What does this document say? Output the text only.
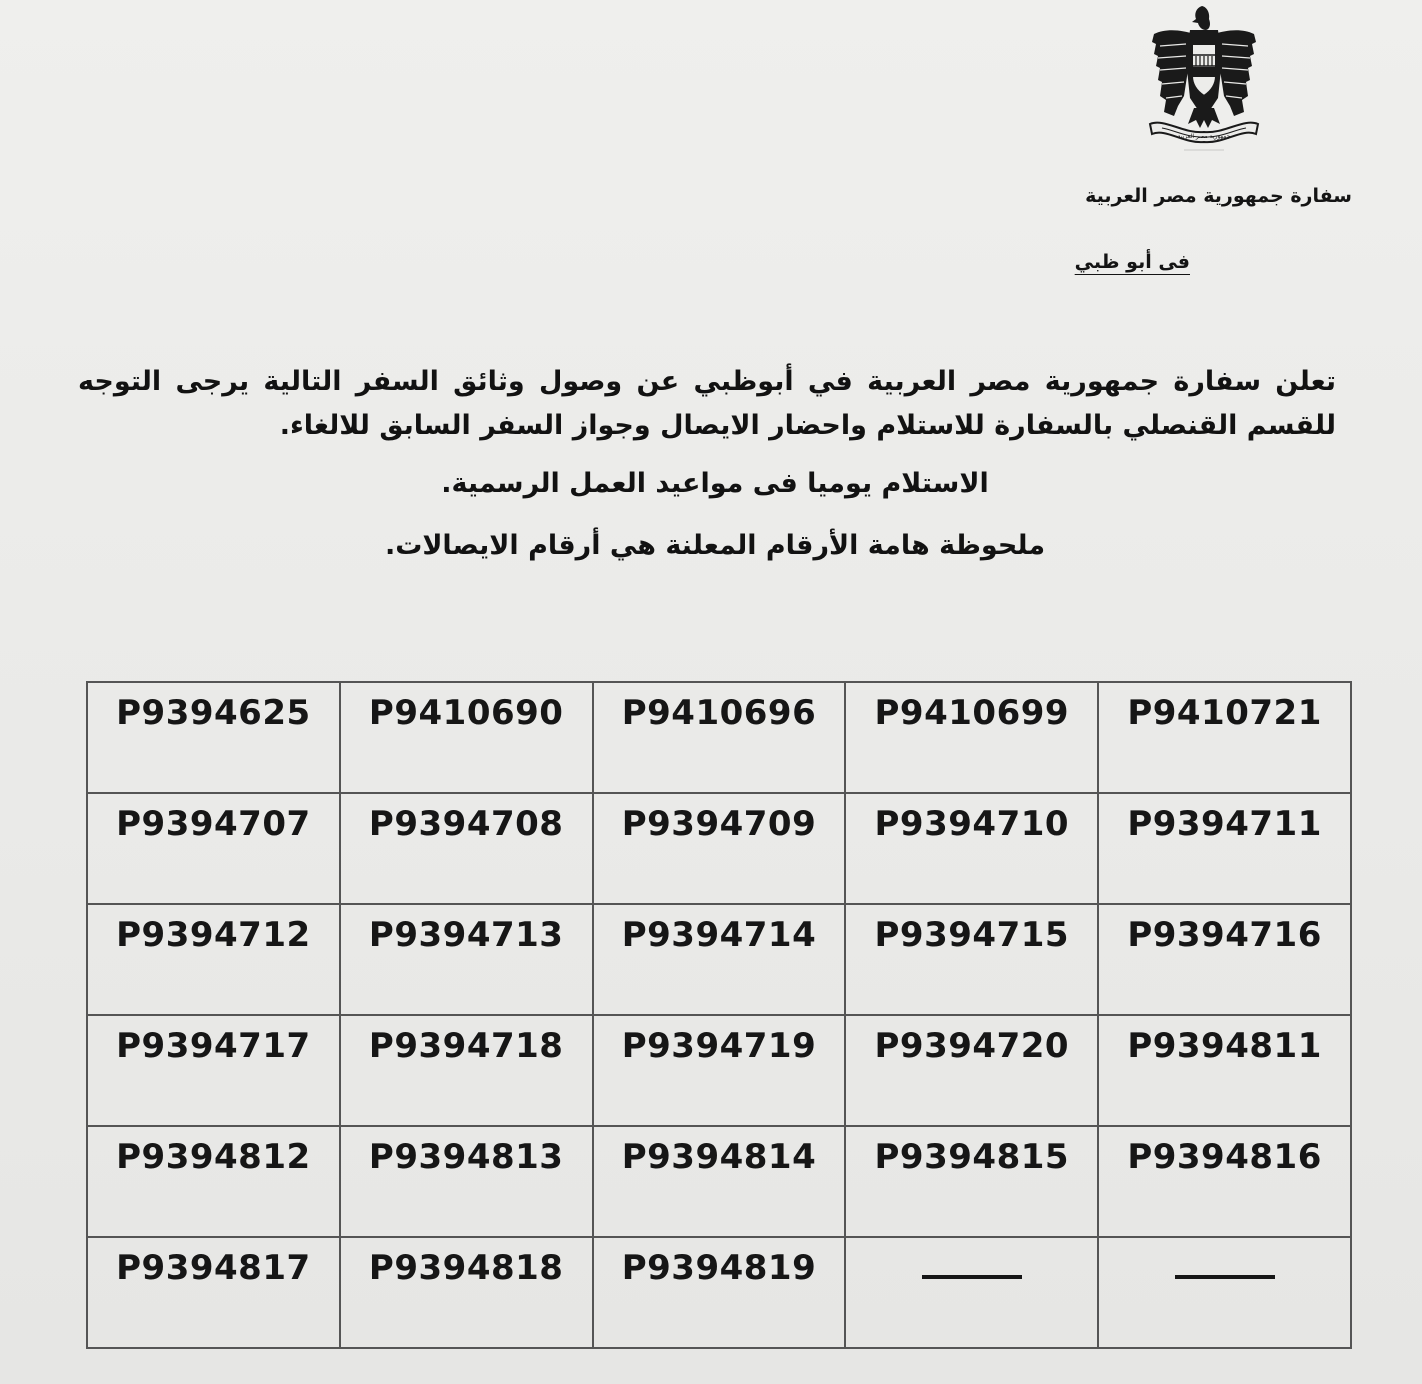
جمهورية مصر العربية
سفارة جمهورية مصر العربية
فى أبو ظبي
تعلن سفارة جمهورية مصر العربية في أبوظبي عن وصول وثائق السفر التالية يرجى التوجه للقسم القنصلي بالسفارة للاستلام واحضار الايصال وجواز السفر السابق للالغاء.
الاستلام يوميا فى مواعيد العمل الرسمية.
ملحوظة هامة الأرقام المعلنة هي أرقام الايصالات.
P9394625	P9410690	P9410696	P9410699	P9410721
P9394707	P9394708	P9394709	P9394710	P9394711
P9394712	P9394713	P9394714	P9394715	P9394716
P9394717	P9394718	P9394719	P9394720	P9394811
P9394812	P9394813	P9394814	P9394815	P9394816
P9394817	P9394818	P9394819		
